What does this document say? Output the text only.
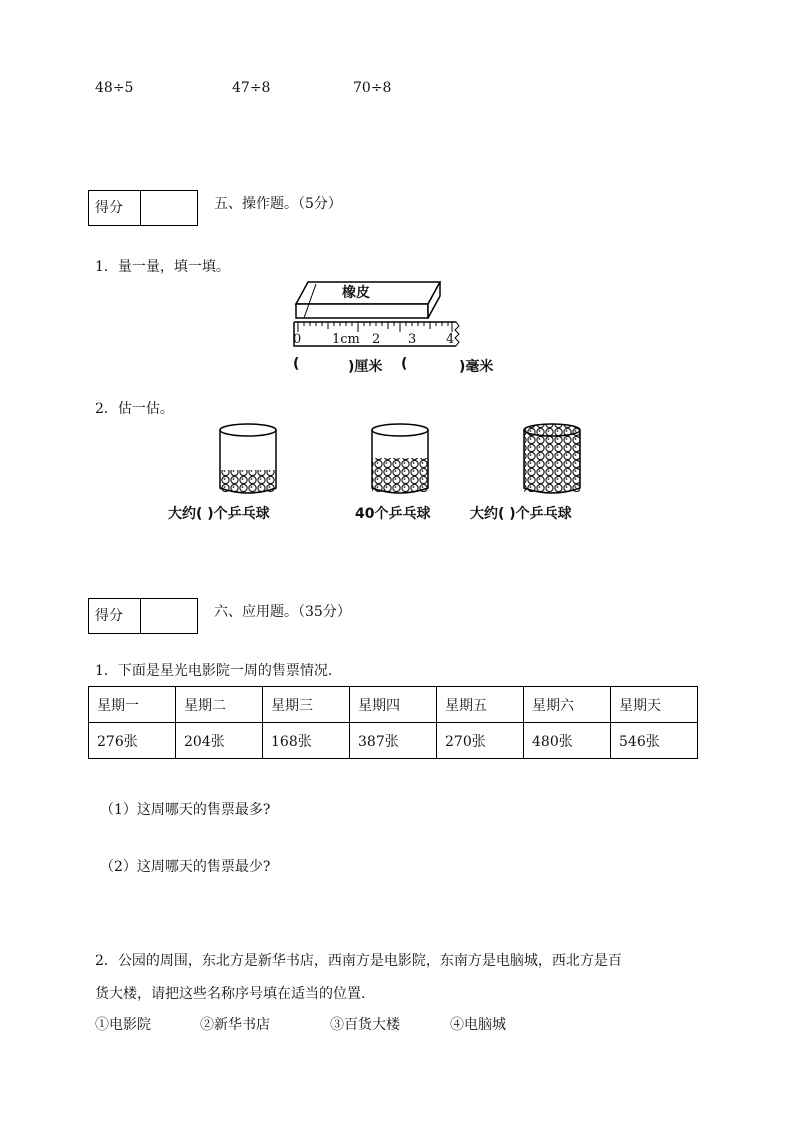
48÷5	47÷8	70÷8
得分	五、操作题。（5分）
1．量一量，填一填。
橡皮
0 1cm 2 3 4
(	)厘米 (	)毫米
2．估一估。
大约( )个乒乓球	40个乒乓球	大约( )个乒乓球
得分	六、应用题。（35分）
1．下面是星光电影院一周的售票情况.
星期一	星期二	星期三	星期四	星期五	星期六	星期天
276张	204张	168张	387张	270张	480张	546张
（1）这周哪天的售票最多?
（2）这周哪天的售票最少?
2．公园的周围，东北方是新华书店，西南方是电影院，东南方是电脑城，西北方是百
货大楼，请把这些名称序号填在适当的位置.
①电影院	②新华书店	③百货大楼	④电脑城
